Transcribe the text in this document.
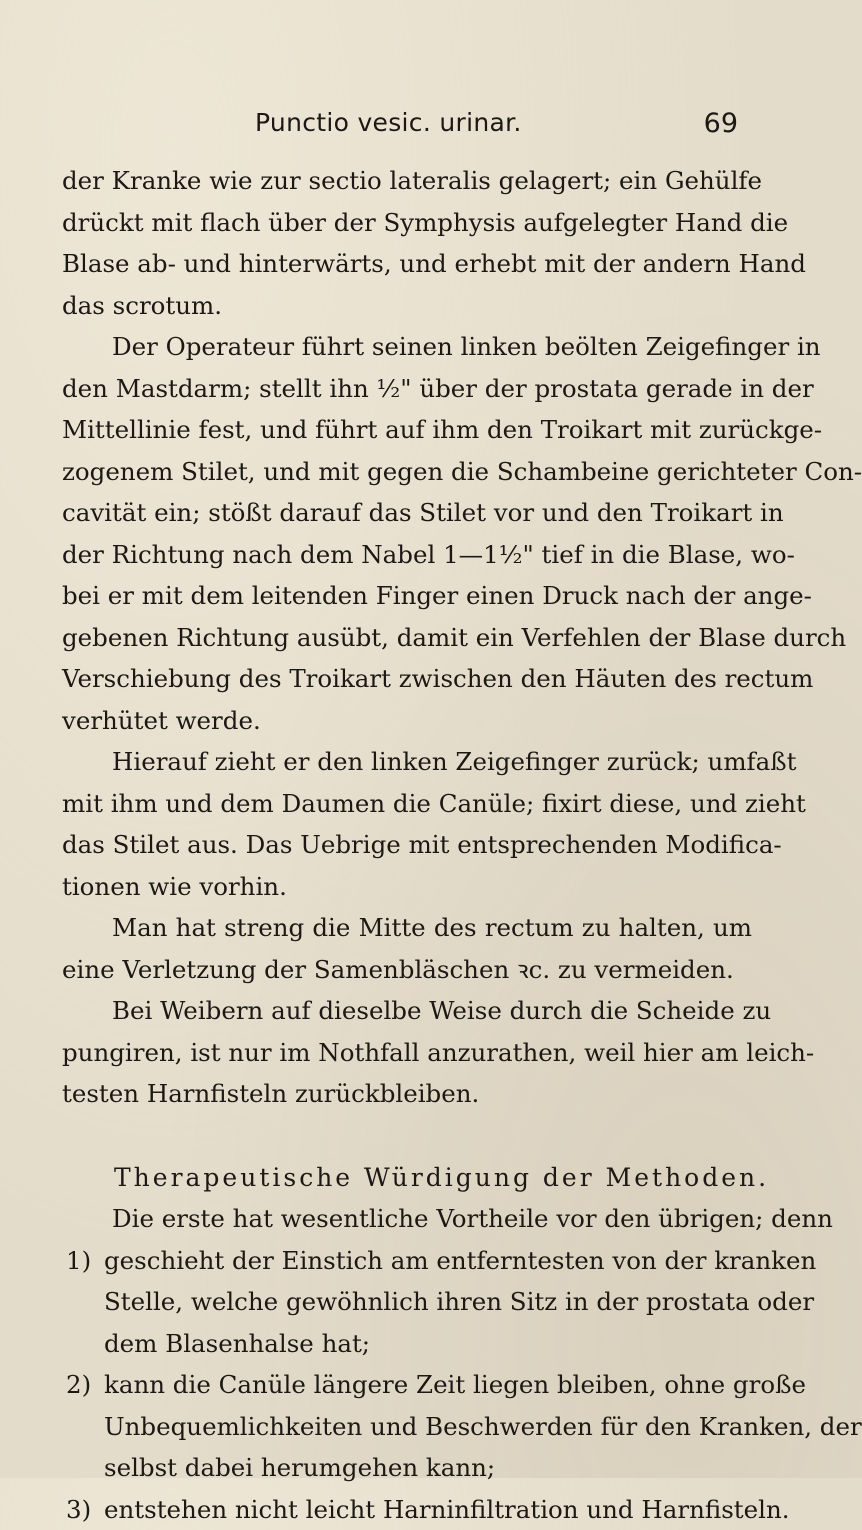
Punctio vesic. urinar.	69
der Kranke wie zur sectio lateralis gelagert; ein Gehülfe
drückt mit flach über der Symphysis aufgelegter Hand die
Blase ab- und hinterwärts, und erhebt mit der andern Hand
das scrotum.
Der Operateur führt seinen linken beölten Zeigefinger in
den Mastdarm; stellt ihn ½" über der prostata gerade in der
Mittellinie fest, und führt auf ihm den Troikart mit zurückge-
zogenem Stilet, und mit gegen die Schambeine gerichteter Con-
cavität ein; stößt darauf das Stilet vor und den Troikart in
der Richtung nach dem Nabel 1—1½" tief in die Blase, wo-
bei er mit dem leitenden Finger einen Druck nach der ange-
gebenen Richtung ausübt, damit ein Verfehlen der Blase durch
Verschiebung des Troikart zwischen den Häuten des rectum
verhütet werde.
Hierauf zieht er den linken Zeigefinger zurück; umfaßt
mit ihm und dem Daumen die Canüle; fixirt diese, und zieht
das Stilet aus. Das Uebrige mit entsprechenden Modifica-
tionen wie vorhin.
Man hat streng die Mitte des rectum zu halten, um
eine Verletzung der Samenbläschen ꝛc. zu vermeiden.
Bei Weibern auf dieselbe Weise durch die Scheide zu
pungiren, ist nur im Nothfall anzurathen, weil hier am leich-
testen Harnfisteln zurückbleiben.
Therapeutische Würdigung der Methoden.
Die erste hat wesentliche Vortheile vor den übrigen; denn
1) geschieht der Einstich am entferntesten von der kranken
Stelle, welche gewöhnlich ihren Sitz in der prostata oder
dem Blasenhalse hat;
2) kann die Canüle längere Zeit liegen bleiben, ohne große
Unbequemlichkeiten und Beschwerden für den Kranken, der
selbst dabei herumgehen kann;
3) entstehen nicht leicht Harninfiltration und Harnfisteln.
